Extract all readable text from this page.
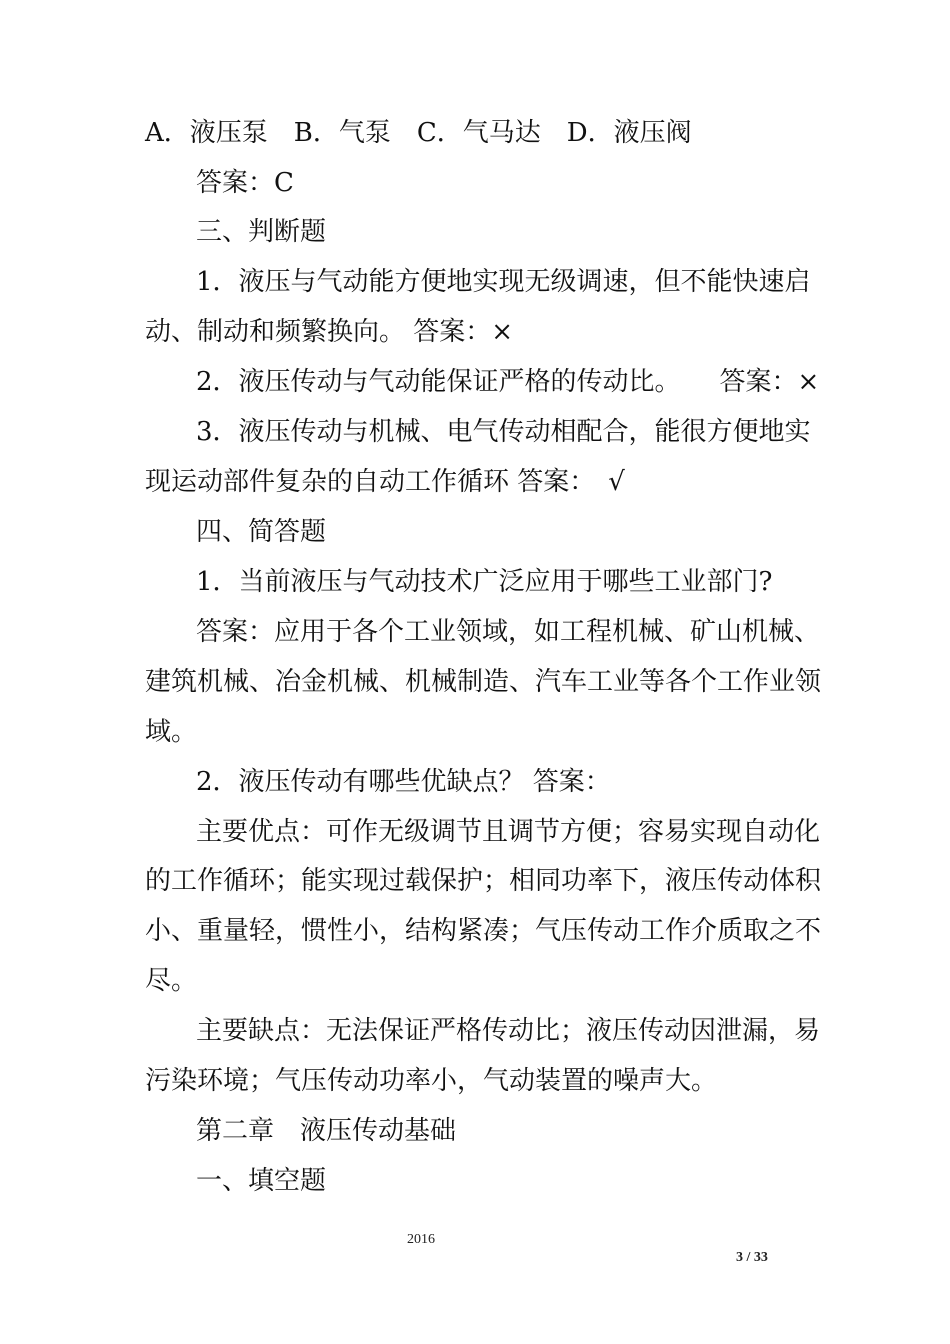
A．液压泵　B．气泵　C．气马达　D．液压阀
答案：C
三、判断题
1．液压与气动能方便地实现无级调速，但不能快速启
动、制动和频繁换向。 答案：×
2．液压传动与气动能保证严格的传动比。　　答案：×
3．液压传动与机械、电气传动相配合，能很方便地实
现运动部件复杂的自动工作循环 答案：　√
四、简答题
1．当前液压与气动技术广泛应用于哪些工业部门?
答案：应用于各个工业领域，如工程机械、矿山机械、
建筑机械、冶金机械、机械制造、汽车工业等各个工作业领
域。
2．液压传动有哪些优缺点？ 答案：
主要优点：可作无级调节且调节方便；容易实现自动化
的工作循环；能实现过载保护；相同功率下，液压传动体积
小、重量轻，惯性小，结构紧凑；气压传动工作介质取之不
尽。
主要缺点：无法保证严格传动比；液压传动因泄漏，易
污染环境；气压传动功率小，气动装置的噪声大。
第二章　液压传动基础
一、填空题
2016
3 / 33
